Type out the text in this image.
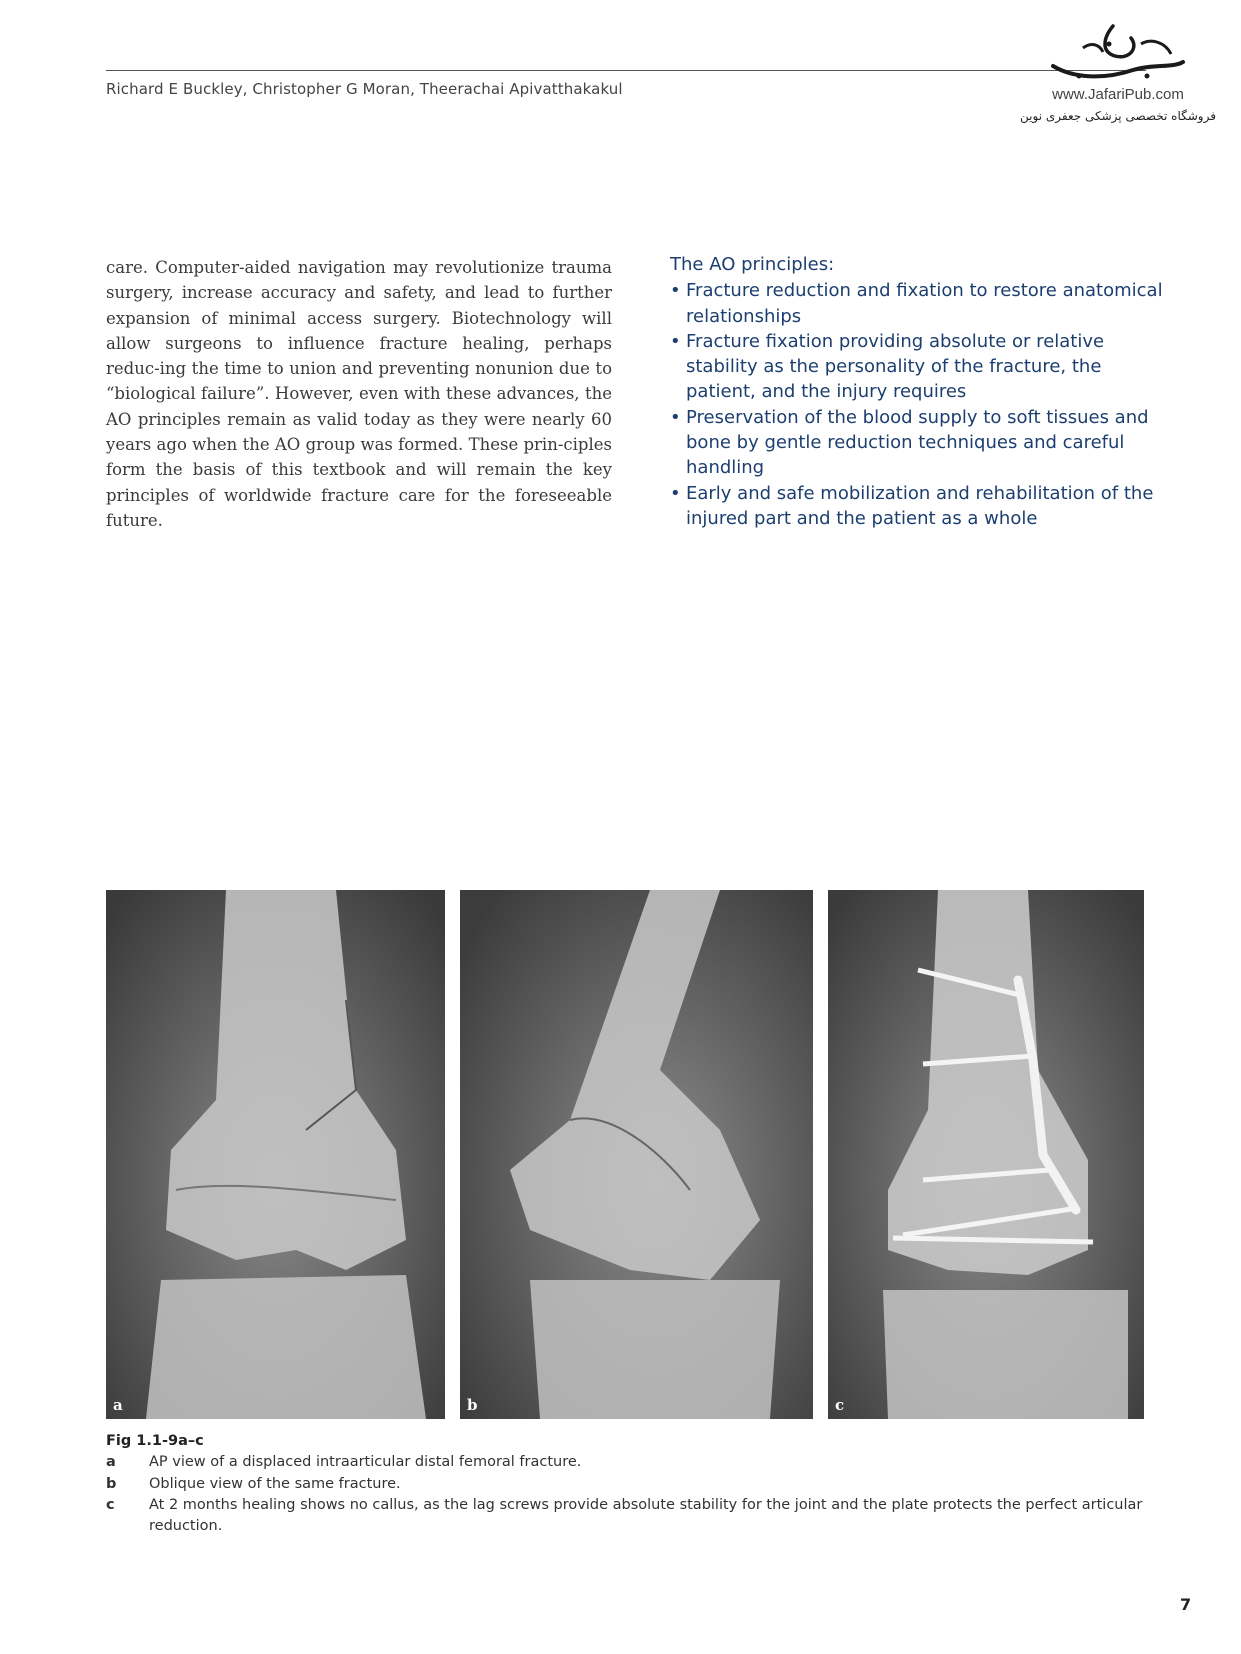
Richard E Buckley, Christopher G Moran, Theerachai Apivatthakakul	www.JafariPub.com
فروشگاه تخصصی پزشکی جعفری نوین
care. Computer-aided navigation may revolutionize trauma surgery, increase accuracy and safety, and lead to further expansion of minimal access surgery. Biotechnology will allow surgeons to influence fracture healing, perhaps reduc-ing the time to union and preventing nonunion due to “biological failure”. However, even with these advances, the AO principles remain as valid today as they were nearly 60 years ago when the AO group was formed. These prin-ciples form the basis of this textbook and will remain the key principles of worldwide fracture care for the foreseeable future.
The AO principles:
• Fracture reduction and fixation to restore anatomical relationships
• Fracture fixation providing absolute or relative stability as the personality of the fracture, the patient, and the injury requires
• Preservation of the blood supply to soft tissues and bone by gentle reduction techniques and careful handling
• Early and safe mobilization and rehabilitation of the injured part and the patient as a whole
a	b	c
Fig 1.1-9a–c
a	AP view of a displaced intraarticular distal femoral fracture.
b	Oblique view of the same fracture.
c	At 2 months healing shows no callus, as the lag screws provide absolute stability for the joint and the plate protects the perfect articular reduction.
7
